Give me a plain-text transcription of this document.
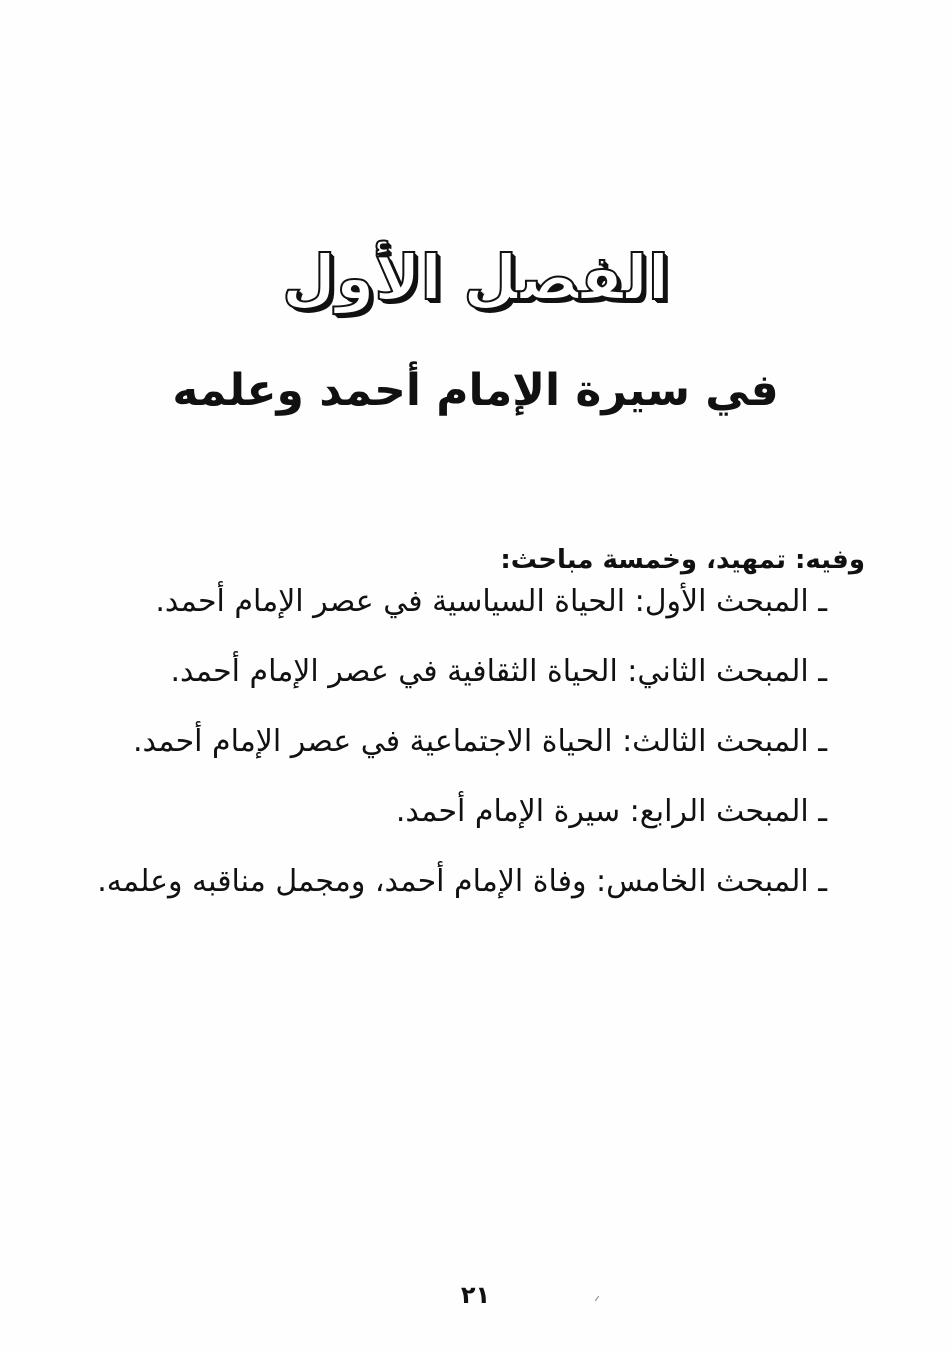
الفصل الأول
في سيرة الإمام أحمد وعلمه

وفيه: تمهيد، وخمسة مباحث:

ـ المبحث الأول: الحياة السياسية في عصر الإمام أحمد.
ـ المبحث الثاني: الحياة الثقافية في عصر الإمام أحمد.
ـ المبحث الثالث: الحياة الاجتماعية في عصر الإمام أحمد.
ـ المبحث الرابع: سيرة الإمام أحمد.
ـ المبحث الخامس: وفاة الإمام أحمد، ومجمل مناقبه وعلمه.
٢١
